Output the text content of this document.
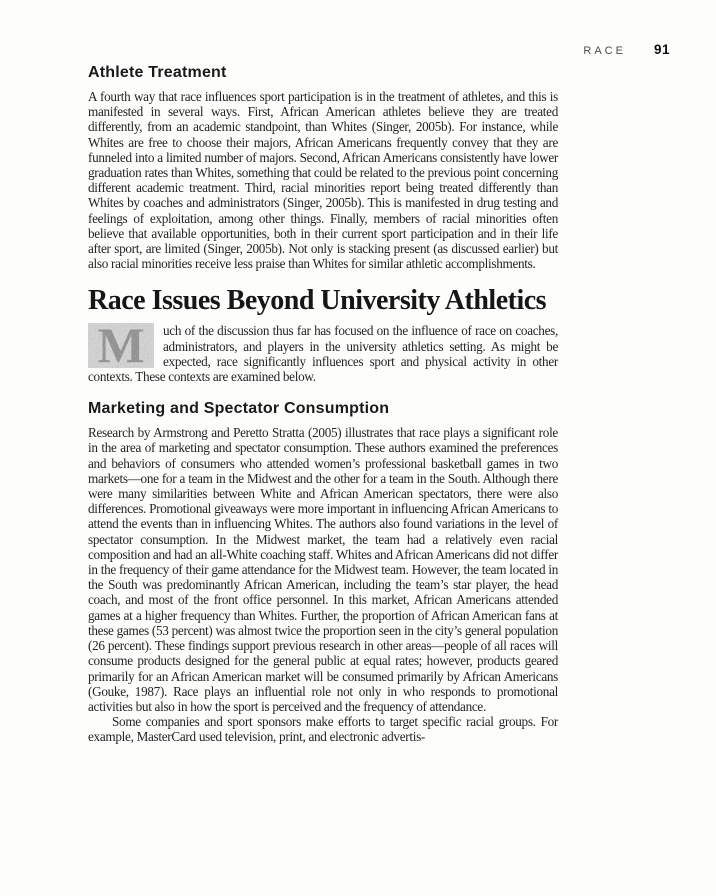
RACE 91
Athlete Treatment

A fourth way that race influences sport participation is in the treatment of athletes, and this is manifested in several ways. First, African American athletes believe they are treated differently, from an academic standpoint, than Whites (Singer, 2005b). For instance, while Whites are free to choose their majors, African Americans frequently convey that they are funneled into a limited number of majors. Second, African Americans consistently have lower graduation rates than Whites, something that could be related to the previous point concerning different academic treatment. Third, racial minorities report being treated differently than Whites by coaches and administrators (Singer, 2005b). This is manifested in drug testing and feelings of exploitation, among other things. Finally, members of racial minorities often believe that available opportunities, both in their current sport participation and in their life after sport, are limited (Singer, 2005b). Not only is stacking present (as discussed earlier) but also racial minorities receive less praise than Whites for similar athletic accomplishments.

Race Issues Beyond University Athletics

M uch of the discussion thus far has focused on the influence of race on coaches, administrators, and players in the university athletics setting. As might be expected, race significantly influences sport and physical activity in other contexts. These contexts are examined below.

Marketing and Spectator Consumption

Research by Armstrong and Peretto Stratta (2005) illustrates that race plays a significant role in the area of marketing and spectator consumption. These authors examined the preferences and behaviors of consumers who attended women’s professional basketball games in two markets—one for a team in the Midwest and the other for a team in the South. Although there were many similarities between White and African American spectators, there were also differences. Promotional giveaways were more important in influencing African Americans to attend the events than in influencing Whites. The authors also found variations in the level of spectator consumption. In the Midwest market, the team had a relatively even racial composition and had an all-White coaching staff. Whites and African Americans did not differ in the frequency of their game attendance for the Midwest team. However, the team located in the South was predominantly African American, including the team’s star player, the head coach, and most of the front office personnel. In this market, African Americans attended games at a higher frequency than Whites. Further, the proportion of African American fans at these games (53 percent) was almost twice the proportion seen in the city’s general population (26 percent). These findings support previous research in other areas—people of all races will consume products designed for the general public at equal rates; however, products geared primarily for an African American market will be consumed primarily by African Americans (Gouke, 1987). Race plays an influential role not only in who responds to promotional activities but also in how the sport is perceived and the frequency of attendance.

Some companies and sport sponsors make efforts to target specific racial groups. For example, MasterCard used television, print, and electronic advertis-
